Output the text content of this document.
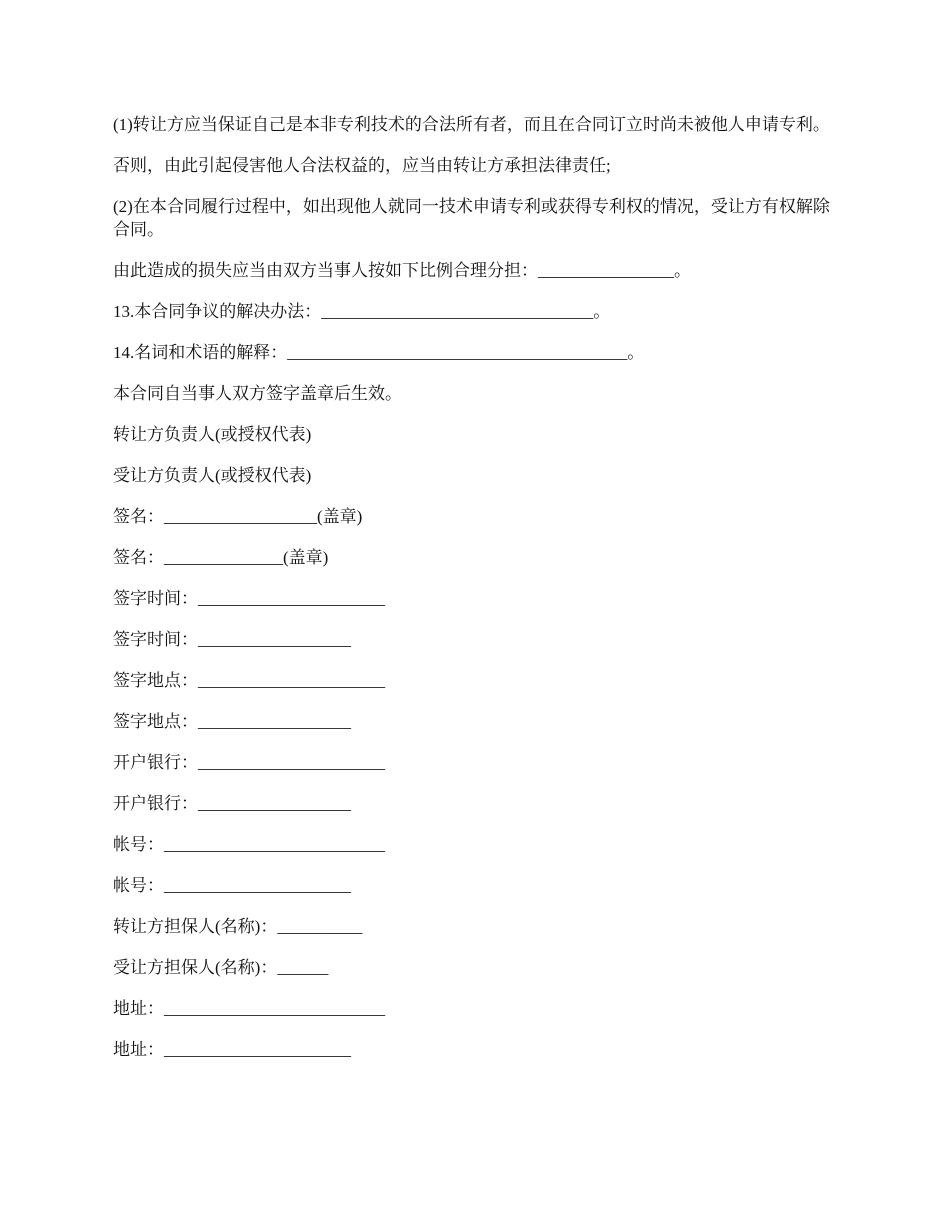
(1)转让方应当保证自己是本非专利技术的合法所有者，而且在合同订立时尚未被他人申请专利。

否则，由此引起侵害他人合法权益的，应当由转让方承担法律责任;

(2)在本合同履行过程中，如出现他人就同一技术申请专利或获得专利权的情况，受让方有权解除合同。

由此造成的损失应当由双方当事人按如下比例合理分担：________________。

13.本合同争议的解决办法：________________________________。

14.名词和术语的解释：________________________________________。

本合同自当事人双方签字盖章后生效。

转让方负责人(或授权代表)

受让方负责人(或授权代表)

签名：__________________(盖章)

签名：______________(盖章)

签字时间：______________________

签字时间：__________________

签字地点：______________________

签字地点：__________________

开户银行：______________________

开户银行：__________________

帐号：__________________________

帐号：______________________

转让方担保人(名称)：__________

受让方担保人(名称)：______

地址：__________________________

地址：______________________
